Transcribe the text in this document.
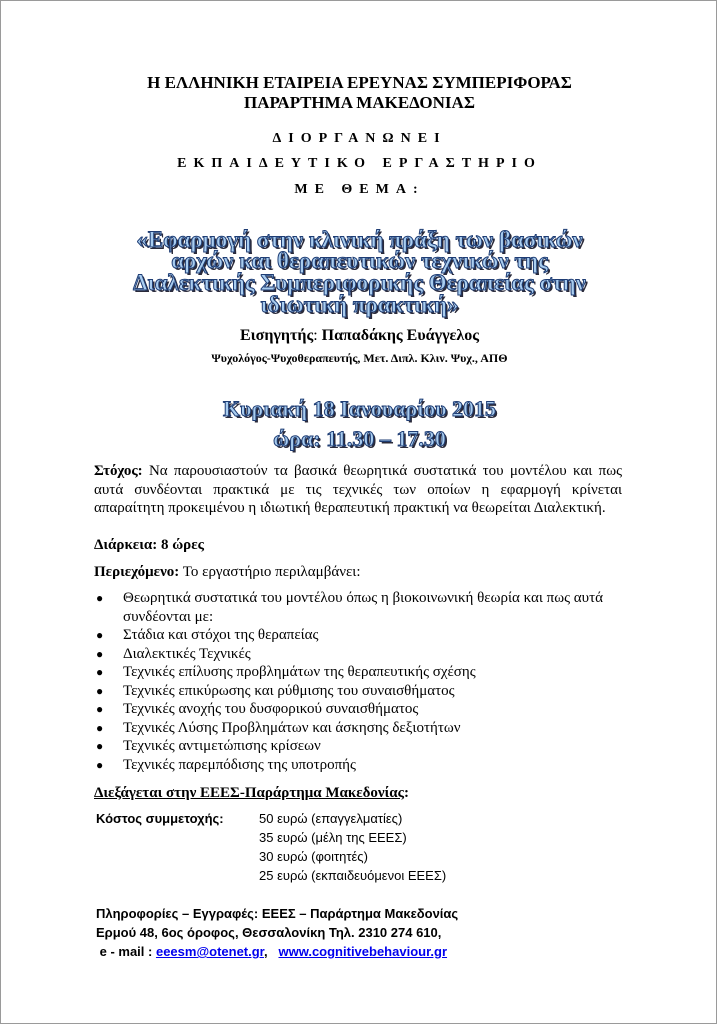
Η ΕΛΛΗΝΙΚΗ ΕΤΑΙΡΕΙΑ ΕΡΕΥΝΑΣ ΣΥΜΠΕΡΙΦΟΡΑΣ
ΠΑΡΑΡΤΗΜΑ ΜΑΚΕΔΟΝΙΑΣ
ΔΙΟΡΓΑΝΩΝΕΙ
ΕΚΠΑΙΔΕΥΤΙΚΟ ΕΡΓΑΣΤΗΡΙΟ
ΜΕ ΘΕΜΑ:
«Εφαρμογή στην κλινική πράξη των βασικών
αρχών και θεραπευτικών τεχνικών της
Διαλεκτικής Συμπεριφορικής Θεραπείας στην
ιδιωτική πρακτική»
Εισηγητής: Παπαδάκης Ευάγγελος
Ψυχολόγος-Ψυχοθεραπευτής, Μετ. Διπλ. Κλιν. Ψυχ., ΑΠΘ
Κυριακή 18 Ιανουαρίου 2015
ώρα: 11.30 – 17.30
Στόχος: Να παρουσιαστούν τα βασικά θεωρητικά συστατικά του μοντέλου και πως αυτά συνδέονται πρακτικά με τις τεχνικές των οποίων η εφαρμογή κρίνεται απαραίτητη προκειμένου η ιδιωτική θεραπευτική πρακτική να θεωρείται Διαλεκτική.
Διάρκεια: 8 ώρες
Περιεχόμενο: Το εργαστήριο περιλαμβάνει:
● Θεωρητικά συστατικά του μοντέλου όπως η βιοκοινωνική θεωρία και πως αυτά συνδέονται με:
● Στάδια και στόχοι της θεραπείας
● Διαλεκτικές Τεχνικές
● Τεχνικές επίλυσης προβλημάτων της θεραπευτικής σχέσης
● Τεχνικές επικύρωσης και ρύθμισης του συναισθήματος
● Τεχνικές ανοχής του δυσφορικού συναισθήματος
● Τεχνικές Λύσης Προβλημάτων και άσκησης δεξιοτήτων
● Τεχνικές αντιμετώπισης κρίσεων
● Τεχνικές παρεμπόδισης της υποτροπής
Διεξάγεται στην ΕΕΕΣ-Παράρτημα Μακεδονίας:
Κόστος συμμετοχής:	50 ευρώ (επαγγελματίες)
35 ευρώ (μέλη της ΕΕΕΣ)
30 ευρώ (φοιτητές)
25 ευρώ (εκπαιδευόμενοι ΕΕΕΣ)
Πληροφορίες – Εγγραφές: ΕΕΕΣ – Παράρτημα Μακεδονίας
Ερμού 48, 6ος όροφος, Θεσσαλονίκη Τηλ. 2310 274 610,
e - mail : eeesm@otenet.gr,   www.cognitivebehaviour.gr
